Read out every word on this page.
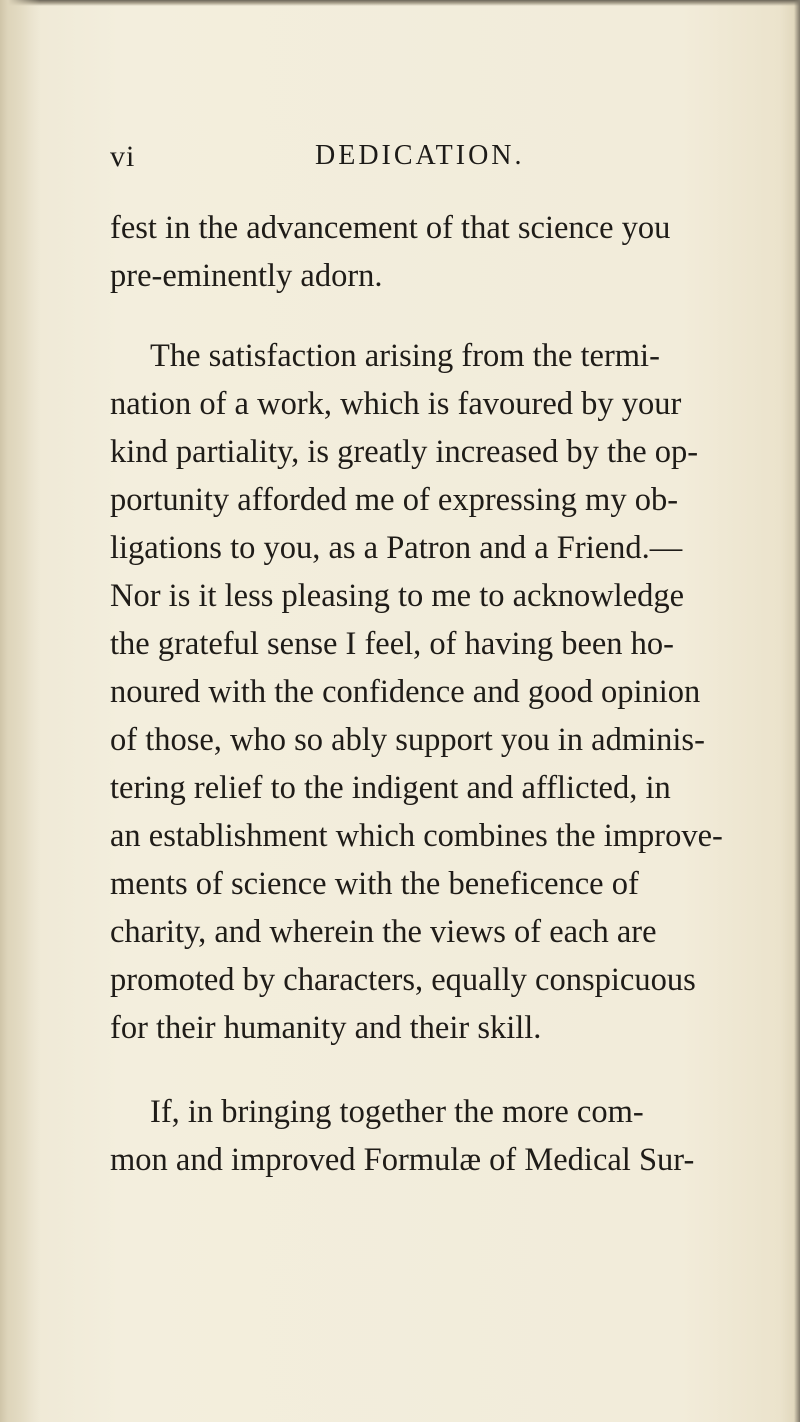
vi	DEDICATION.
fest in the advancement of that science you
pre-eminently adorn.
The satisfaction arising from the termi-
nation of a work, which is favoured by your
kind partiality, is greatly increased by the op-
portunity afforded me of expressing my ob-
ligations to you, as a Patron and a Friend.—
Nor is it less pleasing to me to acknowledge
the grateful sense I feel, of having been ho-
noured with the confidence and good opinion
of those, who so ably support you in adminis-
tering relief to the indigent and afflicted, in
an establishment which combines the improve-
ments of science with the beneficence of
charity, and wherein the views of each are
promoted by characters, equally conspicuous
for their humanity and their skill.
If, in bringing together the more com-
mon and improved Formulæ of Medical Sur-
